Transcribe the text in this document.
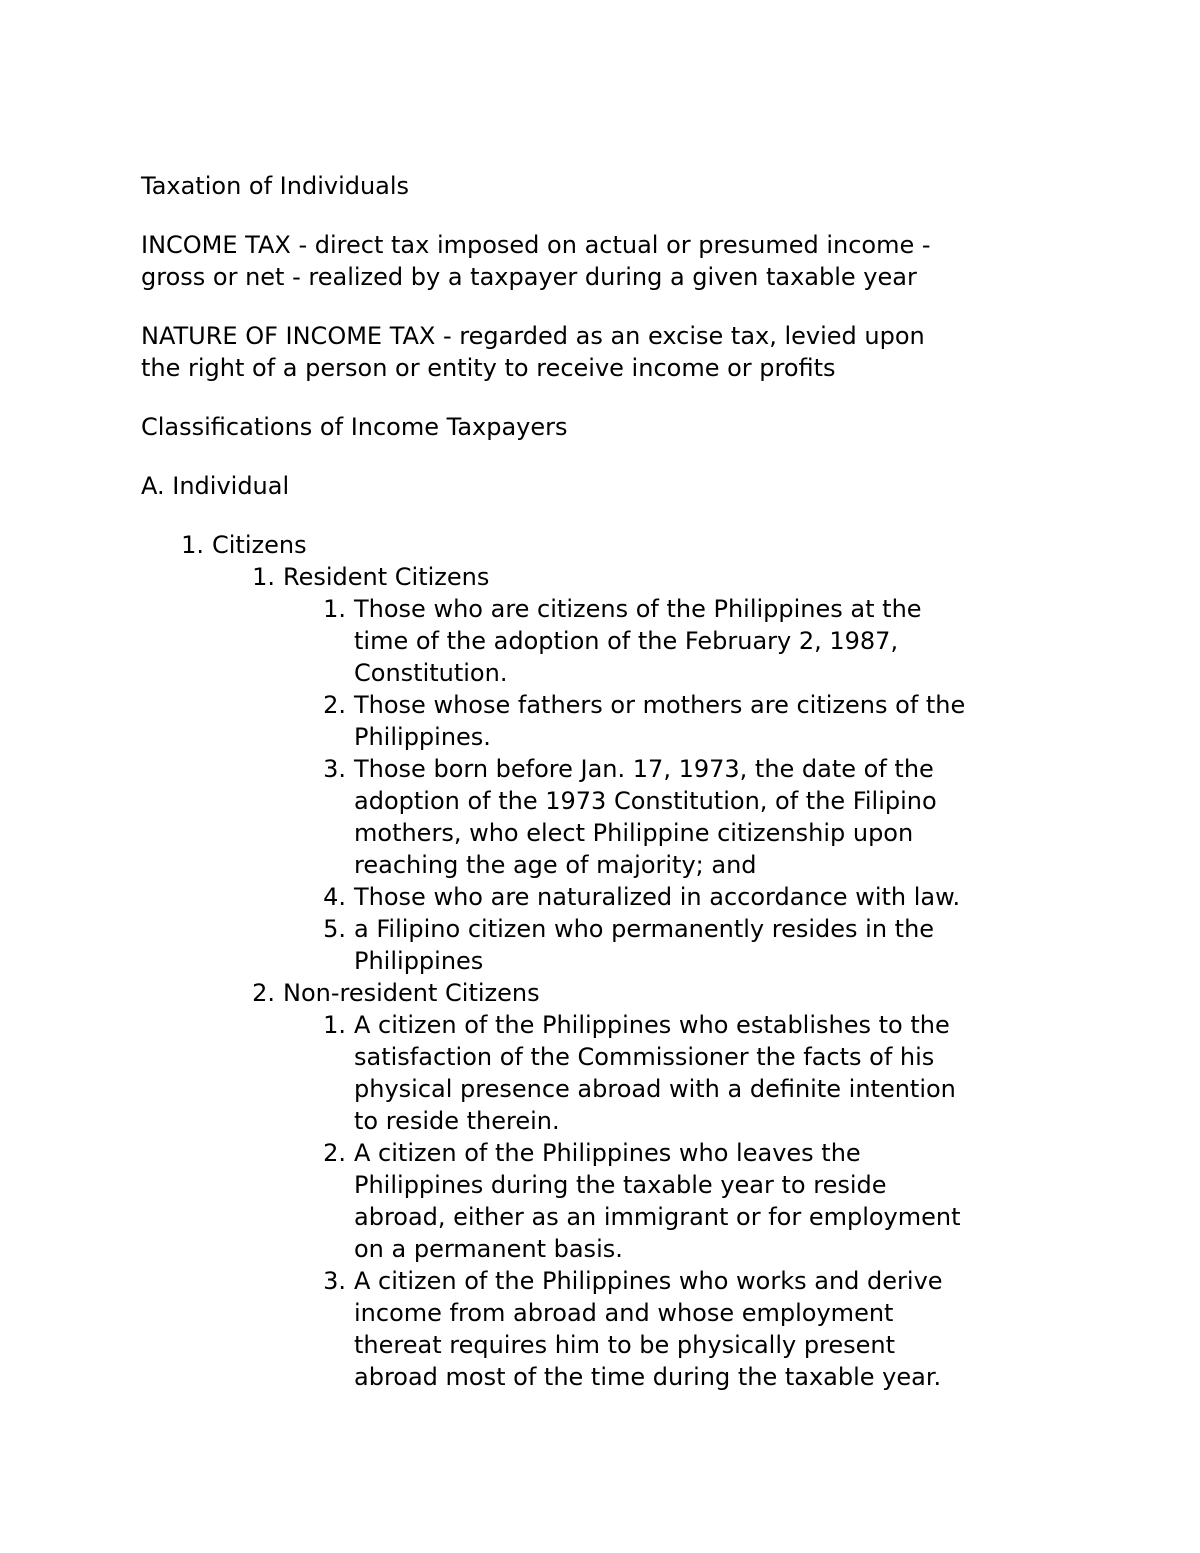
Taxation of Individuals

INCOME TAX - direct tax imposed on actual or presumed income -
gross or net - realized by a taxpayer during a given taxable year

NATURE OF INCOME TAX - regarded as an excise tax, levied upon
the right of a person or entity to receive income or profits

Classifications of Income Taxpayers

A. Individual

1. Citizens
1. Resident Citizens
1. Those who are citizens of the Philippines at the
time of the adoption of the February 2, 1987,
Constitution.
2. Those whose fathers or mothers are citizens of the
Philippines.
3. Those born before Jan. 17, 1973, the date of the
adoption of the 1973 Constitution, of the Filipino
mothers, who elect Philippine citizenship upon
reaching the age of majority; and
4. Those who are naturalized in accordance with law.
5. a Filipino citizen who permanently resides in the
Philippines
2. Non-resident Citizens
1. A citizen of the Philippines who establishes to the
satisfaction of the Commissioner the facts of his
physical presence abroad with a definite intention
to reside therein.
2. A citizen of the Philippines who leaves the
Philippines during the taxable year to reside
abroad, either as an immigrant or for employment
on a permanent basis.
3. A citizen of the Philippines who works and derive
income from abroad and whose employment
thereat requires him to be physically present
abroad most of the time during the taxable year.
